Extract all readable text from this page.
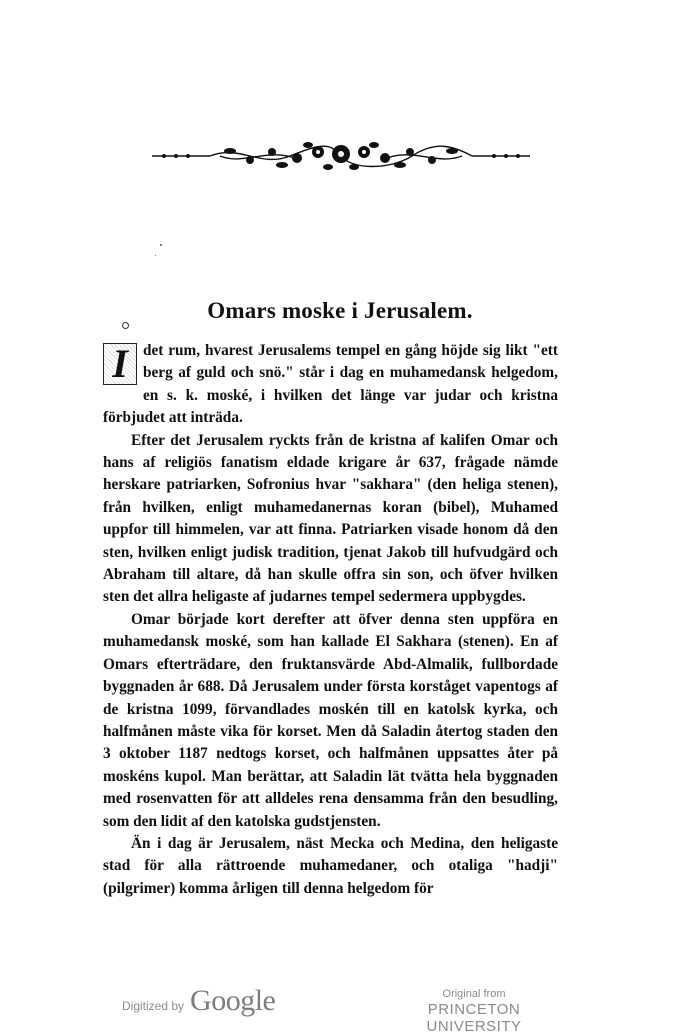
Omars moske i Jerusalem.

I det rum, hvarest Jerusalems tempel en gång höjde sig likt "ett berg af guld och snö." står i dag en muhamedansk helgedom, en s. k. moské, i hvilken det länge var judar och kristna förbjudet att inträda.

Efter det Jerusalem ryckts från de kristna af kalifen Omar och hans af religiös fanatism eldade krigare år 637, frågade nämde herskare patriarken, Sofronius hvar "sakhara" (den heliga stenen), från hvilken, enligt muhamedanernas koran (bibel), Muhamed uppfor till himmelen, var att finna. Patriarken visade honom då den sten, hvilken enligt judisk tradition, tjenat Jakob till hufvudgärd och Abraham till altare, då han skulle offra sin son, och öfver hvilken sten det allra heligaste af judarnes tempel sedermera uppbygdes.

Omar började kort derefter att öfver denna sten uppföra en muhamedansk moské, som han kallade El Sakhara (stenen). En af Omars efterträdare, den fruktansvärde Abd-Almalik, fullbordade byggnaden år 688. Då Jerusalem under första korståget vapentogs af de kristna 1099, förvandlades moskén till en katolsk kyrka, och halfmånen måste vika för korset. Men då Saladin återtog staden den 3 oktober 1187 nedtogs korset, och halfmånen uppsattes åter på moskéns kupol. Man berättar, att Saladin lät tvätta hela byggnaden med rosenvatten för att alldeles rena densamma från den besudling, som den lidit af den katolska gudstjensten.

Än i dag är Jerusalem, näst Mecka och Medina, den heligaste stad för alla rättroende muhamedaner, och otaliga "hadji" (pilgrimer) komma årligen till denna helgedom för

Digitized by Google	Original from
PRINCETON UNIVERSITY
